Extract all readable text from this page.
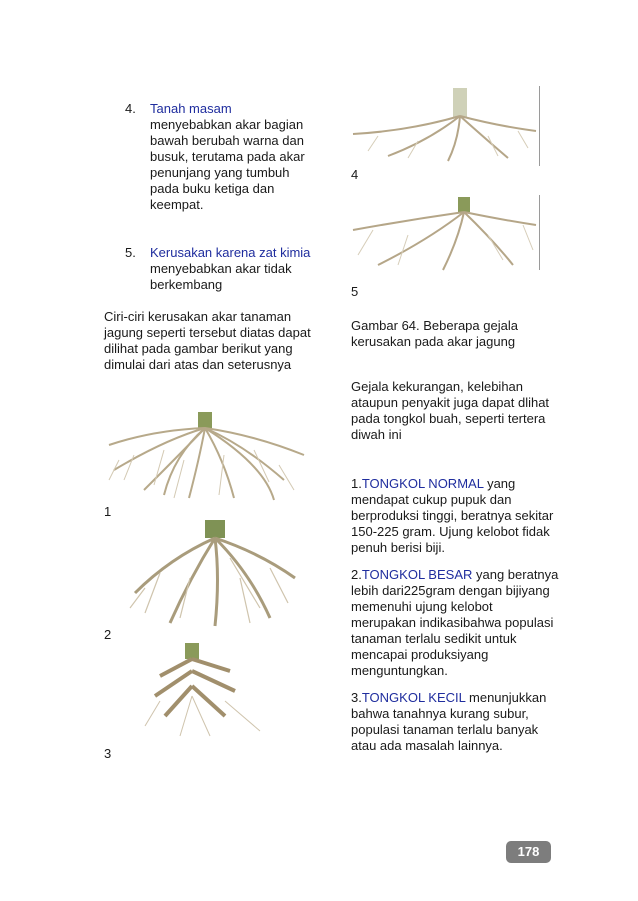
4. Tanah masam menyebabkan akar bagian bawah berubah warna dan busuk, terutama pada akar penunjang yang tumbuh pada buku ketiga dan keempat.
5. Kerusakan karena zat kimia menyebabkan akar tidak berkembang

Ciri-ciri kerusakan akar tanaman jagung seperti tersebut diatas dapat dilihat pada gambar berikut yang dimulai dari atas dan seterusnya

1
2
3
4
5

Gambar 64. Beberapa gejala kerusakan pada akar jagung

Gejala kekurangan, kelebihan ataupun penyakit juga dapat dlihat pada tongkol buah, seperti tertera diwah ini

1.TONGKOL NORMAL yang mendapat cukup pupuk dan berproduksi tinggi, beratnya sekitar 150-225 gram. Ujung kelobot fidak penuh berisi biji.

2.TONGKOL BESAR yang beratnya lebih dari225gram dengan bijiyang memenuhi ujung kelobot merupakan indikasibahwa populasi tanaman terlalu sedikit untuk mencapai produksiyang menguntungkan.

3.TONGKOL KECIL menunjukkan bahwa tanahnya kurang subur, populasi tanaman terlalu banyak atau ada masalah lainnya.

178
